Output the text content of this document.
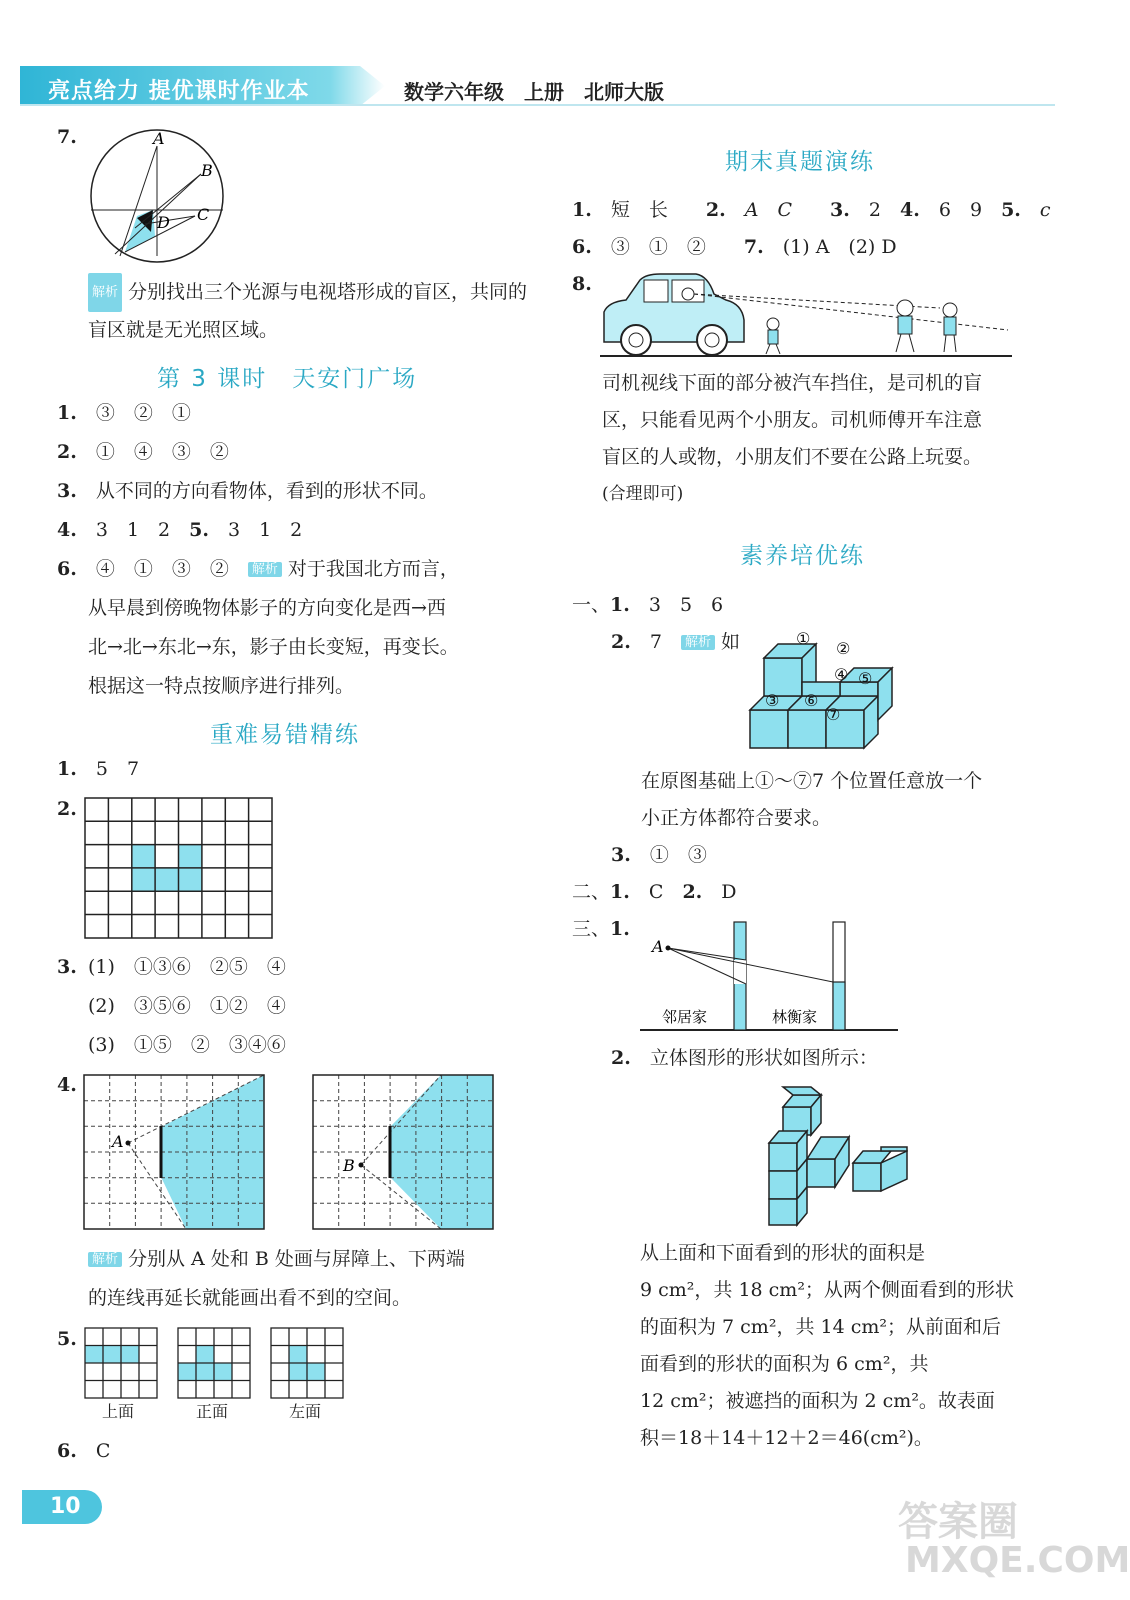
亮点给力 提优课时作业本	数学六年级　上册　北师大版
7.	A
B
C
D
解析 分别找出三个光源与电视塔形成的盲区，共同的盲区就是无光照区域。
第 3 课时　天安门广场
1.　 ③　②　①
2.　 ①　④　③　②
3.　 从不同的方向看物体，看到的形状不同。
4.　 3　1　2　 5.　 3　1　2
6.　 ④　①　③　②　 解析 对于我国北方而言，
从早晨到傍晚物体影子的方向变化是西→西
北→北→东北→东，影子由长变短，再变长。
根据这一特点按顺序进行排列。
重难易错精练
1.　 5　7
2.
3. (1)　①③⑥　②⑤　④
(2)　③⑤⑥　①②　④
(3)　①⑤　②　③④⑥
4.
A
B
解析 分别从 A 处和 B 处画与屏障上、下两端
的连线再延长就能画出看不到的空间。
5.
上面	正面	左面
6.　 C
期末真题演练
1.　 短　长　　 2.　 A　C　　 3.　 2　 4.　 6　9　 5.　 c
6.　 ③　①　②　　 7.　 (1) A　(2) D
8.
司机视线下面的部分被汽车挡住，是司机的盲
区，只能看见两个小朋友。司机师傅开车注意
盲区的人或物，小朋友们不要在公路上玩耍。
(合理即可)
素养培优练
一、1.　 3　5　6
2.　 7　 解析 如	①
②
③
④ ⑤
⑥
⑦
在原图基础上①～⑦7 个位置任意放一个
小正方体都符合要求。
3.　 ①　③
二、1.　 C　 2.　 D
三、1.
A
邻居家	林衡家
2.　 立体图形的形状如图所示：
从上面和下面看到的形状的面积是
9 cm²，共 18 cm²；从两个侧面看到的形状
的面积为 7 cm²，共 14 cm²；从前面和后
面看到的形状的面积为 6 cm²，共
12 cm²；被遮挡的面积为 2 cm²。故表面
积＝18＋14＋12＋2＝46(cm²)。
10	答案圈
MXQE.COM
